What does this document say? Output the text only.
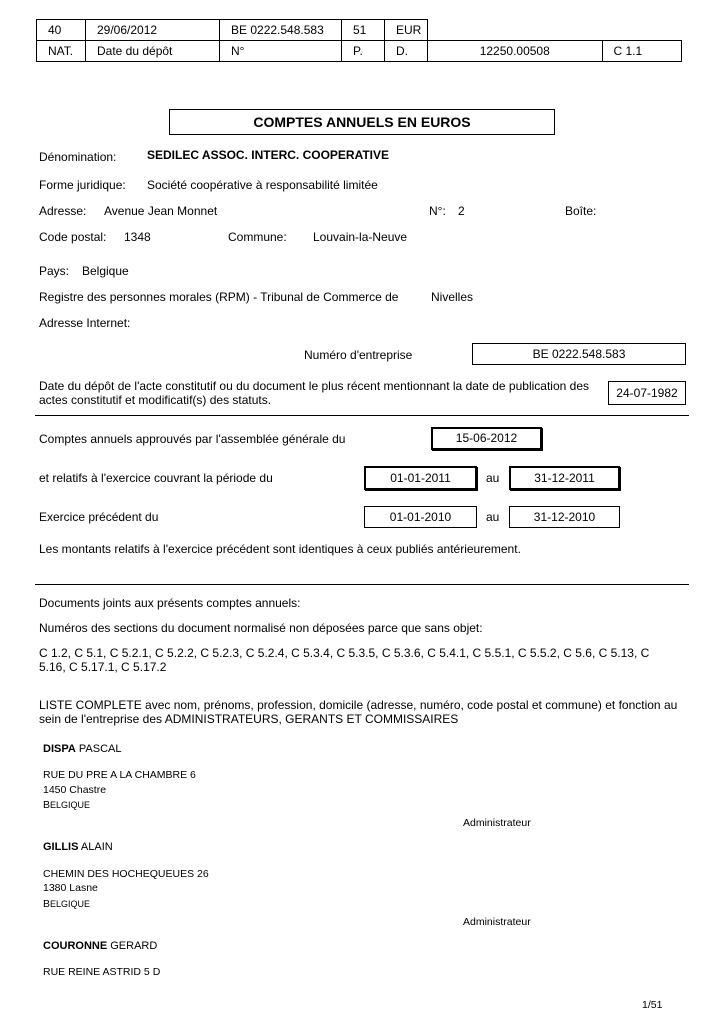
40	29/06/2012	BE 0222.548.583	51	EUR		
NAT.	Date du dépôt	N°	P.	D.	12250.00508	C 1.1
COMPTES ANNUELS EN EUROS
Dénomination:	SEDILEC ASSOC. INTERC. COOPERATIVE
Forme juridique: Société coopérative à responsabilité limitée
Adresse: Avenue Jean Monnet	N°: 2	Boîte:
Code postal: 1348	Commune: Louvain-la-Neuve
Pays: Belgique
Registre des personnes morales (RPM) - Tribunal de Commerce de	Nivelles
Adresse Internet:
Numéro d'entreprise	BE 0222.548.583
Date du dépôt de l'acte constitutif ou du document le plus récent mentionnant la date de publication des actes constitutif et modificatif(s) des statuts.	24-07-1982
Comptes annuels approuvés par l'assemblée générale du	15-06-2012
et relatifs à l'exercice couvrant la période du	01-01-2011	au	31-12-2011
Exercice précédent du	01-01-2010	au	31-12-2010
Les montants relatifs à l'exercice précédent sont identiques à ceux publiés antérieurement.
Documents joints aux présents comptes annuels:
Numéros des sections du document normalisé non déposées parce que sans objet:
C 1.2, C 5.1, C 5.2.1, C 5.2.2, C 5.2.3, C 5.2.4, C 5.3.4, C 5.3.5, C 5.3.6, C 5.4.1, C 5.5.1, C 5.5.2, C 5.6, C 5.13, C 5.16, C 5.17.1, C 5.17.2
LISTE COMPLETE avec nom, prénoms, profession, domicile (adresse, numéro, code postal et commune) et fonction au sein de l'entreprise des ADMINISTRATEURS, GERANTS ET COMMISSAIRES
DISPA PASCAL
RUE DU PRE A LA CHAMBRE 6
1450 Chastre
BELGIQUE
Administrateur
GILLIS ALAIN
CHEMIN DES HOCHEQUEUES 26
1380 Lasne
BELGIQUE
Administrateur
COURONNE GERARD
RUE REINE ASTRID 5 D
1/51
